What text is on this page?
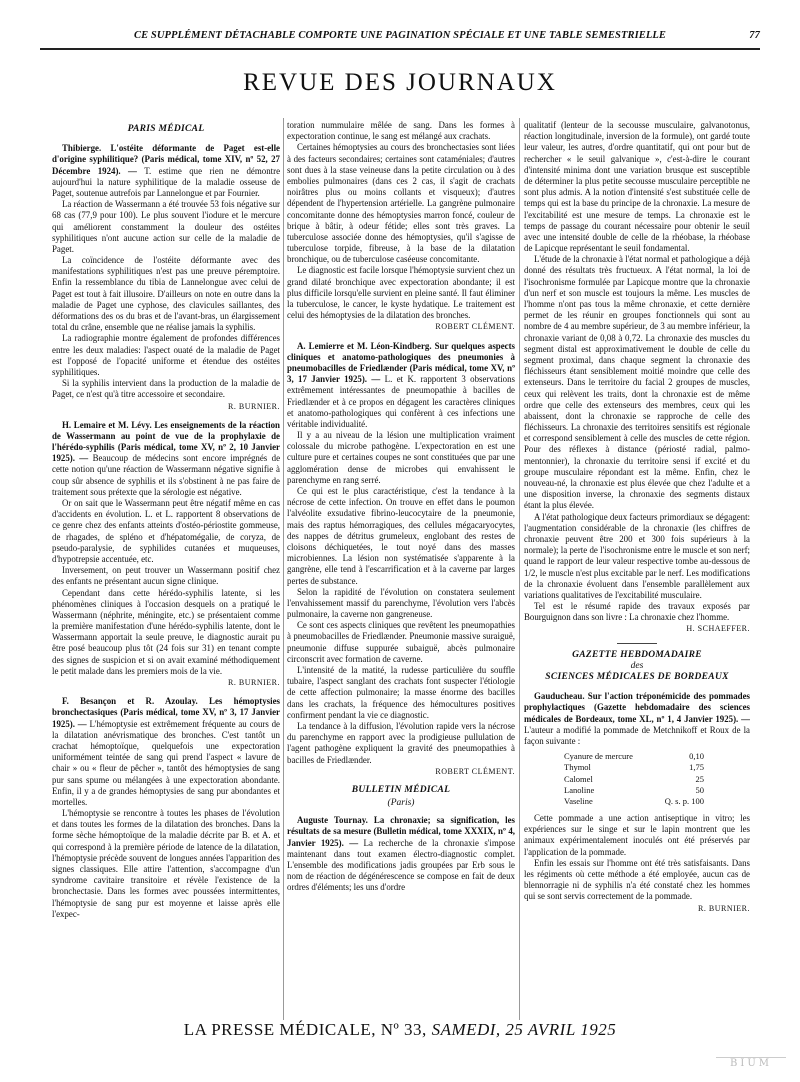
CE SUPPLÉMENT DÉTACHABLE COMPORTE UNE PAGINATION SPÉCIALE ET UNE TABLE SEMESTRIELLE	77
REVUE DES JOURNAUX
PARIS MÉDICAL

Thibierge. L'ostéite déformante de Paget est-elle d'origine syphilitique? (Paris médical, tome XIV, nº 52, 27 Décembre 1924). — T. estime que rien ne démontre aujourd'hui la nature syphilitique de la maladie osseuse de Paget, soutenue autrefois par Lannelongue et par Fournier.

La réaction de Wassermann a été trouvée 53 fois négative sur 68 cas (77,9 pour 100). Le plus souvent l'iodure et le mercure qui améliorent constamment la douleur des ostéites syphilitiques n'ont aucune action sur celle de la maladie de Paget.

La coïncidence de l'ostéite déformante avec des manifestations syphilitiques n'est pas une preuve péremptoire. Enfin la ressemblance du tibia de Lannelongue avec celui de Paget est tout à fait illusoire. D'ailleurs on note en outre dans la maladie de Paget une cyphose, des clavicules saillantes, des déformations des os du bras et de l'avant-bras, un élargissement total du crâne, ensemble que ne réalise jamais la syphilis.

La radiographie montre également de profondes différences entre les deux maladies: l'aspect ouaté de la maladie de Paget est l'opposé de l'opacité uniforme et étendue des ostéites syphilitiques.

Si la syphilis intervient dans la production de la maladie de Paget, ce n'est qu'à titre accessoire et secondaire.

R. BURNIER.

H. Lemaire et M. Lévy. Les enseignements de la réaction de Wassermann au point de vue de la prophylaxie de l'hérédo-syphilis (Paris médical, tome XV, nº 2, 10 Janvier 1925). — Beaucoup de médecins sont encore imprégnés de cette notion qu'une réaction de Wassermann négative signifie à coup sûr absence de syphilis et ils s'obstinent à ne pas faire de traitement sous prétexte que la sérologie est négative.

Or on sait que le Wassermann peut être négatif même en cas d'accidents en évolution. L. et L. rapportent 8 observations de ce genre chez des enfants atteints d'ostéo-périostite gommeuse, de rhagades, de spléno et d'hépatomégalie, de coryza, de pseudo-paralysie, de syphilides cutanées et muqueuses, d'hypotrepsie accentuée, etc.

Inversement, on peut trouver un Wassermann positif chez des enfants ne présentant aucun signe clinique.

Cependant dans cette hérédo-syphilis latente, si les phénomènes cliniques à l'occasion desquels on a pratiqué le Wassermann (néphrite, méningite, etc.) se présentaient comme la première manifestation d'une hérédo-syphilis latente, dont le Wassermann apportait la seule preuve, le diagnostic aurait pu être posé beaucoup plus tôt (24 fois sur 31) en tenant compte des signes de suspicion et si on avait examiné méthodiquement le petit malade dans les premiers mois de la vie.

R. BURNIER.

F. Besançon et R. Azoulay. Les hémoptysies bronchectasiques (Paris médical, tome XV, nº 3, 17 Janvier 1925). — L'hémoptysie est extrêmement fréquente au cours de la dilatation anévrismatique des bronches. C'est tantôt un crachat hémoptoïque, quelquefois une expectoration uniformément teintée de sang qui prend l'aspect « lavure de chair » ou « fleur de pêcher », tantôt des hémoptysies de sang pur sans spume ou mélangées à une expectoration abondante. Enfin, il y a de grandes hémoptysies de sang pur abondantes et mortelles.

L'hémoptysie se rencontre à toutes les phases de l'évolution et dans toutes les formes de la dilatation des bronches. Dans la forme sèche hémoptoïque de la maladie décrite par B. et A. et qui correspond à la première période de latence de la dilatation, l'hémoptysie précède souvent de longues années l'apparition des signes classiques. Elle attire l'attention, s'accompagne d'un syndrome cavitaire transitoire et révèle l'existence de la bronchectasie. Dans les formes avec poussées intermittentes, l'hémoptysie de sang pur est moyenne et laisse après elle l'expec-

toration nummulaire mêlée de sang. Dans les formes à expectoration continue, le sang est mélangé aux crachats.

Certaines hémoptysies au cours des bronchectasies sont liées à des facteurs secondaires; certaines sont cataméniales; d'autres sont dues à la stase veineuse dans la petite circulation ou à des embolies pulmonaires (dans ces 2 cas, il s'agit de crachats noirâtres plus ou moins collants et visqueux); d'autres dépendent de l'hypertension artérielle. La gangrène pulmonaire concomitante donne des hémoptysies marron foncé, couleur de brique à bâtir, à odeur fétide; elles sont très graves. La tuberculose associée donne des hémoptysies, qu'il s'agisse de tuberculose torpide, fibreuse, à la base de la dilatation bronchique, ou de tuberculose caséeuse concomitante.

Le diagnostic est facile lorsque l'hémoptysie survient chez un grand dilaté bronchique avec expectoration abondante; il est plus difficile lorsqu'elle survient en pleine santé. Il faut éliminer la tuberculose, le cancer, le kyste hydatique. Le traitement est celui des hémoptysies de la dilatation des bronches.

ROBERT CLÉMENT.

A. Lemierre et M. Léon-Kindberg. Sur quelques aspects cliniques et anatomo-pathologiques des pneumonies à pneumobacilles de Friedlænder (Paris médical, tome XV, nº 3, 17 Janvier 1925). — L. et K. rapportent 3 observations extrêmement intéressantes de pneumopathie à bacilles de Friedlænder et à ce propos en dégagent les caractères cliniques et anatomo-pathologiques qui confèrent à ces infections une véritable individualité.

Il y a au niveau de la lésion une multiplication vraiment colossale du microbe pathogène. L'expectoration en est une culture pure et certaines coupes ne sont constituées que par une agglomération dense de microbes qui envahissent le parenchyme en rang serré.

Ce qui est le plus caractéristique, c'est la tendance à la nécrose de cette infection. On trouve en effet dans le poumon l'alvéolite exsudative fibrino-leucocytaire de la pneumonie, mais des raptus hémorragiques, des cellules mégacaryocytes, des nappes de détritus grumeleux, englobant des restes de cloisons déchiquetées, le tout noyé dans des masses microbiennes. La lésion non systématisée s'apparente à la gangrène, elle tend à l'escarrification et à la caverne par larges pertes de substance.

Selon la rapidité de l'évolution on constatera seulement l'envahissement massif du parenchyme, l'évolution vers l'abcès pulmonaire, la caverne non gangreneuse.

Ce sont ces aspects cliniques que revêtent les pneumopathies à pneumobacilles de Friedlænder. Pneumonie massive suraiguë, pneumonie diffuse suppurée subaiguë, abcès pulmonaire circonscrit avec formation de caverne.

L'intensité de la matité, la rudesse particulière du souffle tubaire, l'aspect sanglant des crachats font suspecter l'étiologie de cette affection pulmonaire; la masse énorme des bacilles dans les crachats, la fréquence des hémocultures positives confirment pendant la vie ce diagnostic.

La tendance à la diffusion, l'évolution rapide vers la nécrose du parenchyme en rapport avec la prodigieuse pullulation de l'agent pathogène expliquent la gravité des pneumopathies à bacilles de Friedlænder.

ROBERT CLÉMENT.
BULLETIN MÉDICAL
(Paris)

Auguste Tournay. La chronaxie; sa signification, les résultats de sa mesure (Bulletin médical, tome XXXIX, nº 4, Janvier 1925). — La recherche de la chronaxie s'impose maintenant dans tout examen électro-diagnostic complet. L'ensemble des modifications jadis groupées par Erb sous le nom de réaction de dégénérescence se compose en fait de deux ordres d'éléments; les uns d'ordre

qualitatif (lenteur de la secousse musculaire, galvanotonus, réaction longitudinale, inversion de la formule), ont gardé toute leur valeur, les autres, d'ordre quantitatif, qui ont pour but de rechercher « le seuil galvanique », c'est-à-dire le courant d'intensité minima dont une variation brusque est susceptible de déterminer la plus petite secousse musculaire perceptible ne sont plus admis. A la notion d'intensité s'est substituée celle de temps qui est la base du principe de la chronaxie. La mesure de l'excitabilité est une mesure de temps. La chronaxie est le temps de passage du courant nécessaire pour obtenir le seuil avec une intensité double de celle de la rhéobase, la rhéobase de Lapicque représentant le seuil fondamental.

L'étude de la chronaxie à l'état normal et pathologique a déjà donné des résultats très fructueux. A l'état normal, la loi de l'isochronisme formulée par Lapicque montre que la chronaxie d'un nerf et son muscle est toujours la même. Les muscles de l'homme n'ont pas tous la même chronaxie, et cette dernière permet de les réunir en groupes fonctionnels qui sont au nombre de 4 au membre supérieur, de 3 au membre inférieur, la chronaxie variant de 0,08 à 0,72. La chronaxie des muscles du segment distal est approximativement le double de celle du segment proximal, dans chaque segment la chronaxie des fléchisseurs étant sensiblement moitié moindre que celle des extenseurs. Dans le territoire du facial 2 groupes de muscles, ceux qui relèvent les traits, dont la chronaxie est de même ordre que celle des extenseurs des membres, ceux qui les abaissent, dont la chronaxie se rapproche de celle des fléchisseurs. La chronaxie des territoires sensitifs est régionale et correspond sensiblement à celle des muscles de cette région. Pour des réflexes à distance (périosté radial, palmo-mentonnier), la chronaxie du territoire sensi if excité et du groupe musculaire répondant est la même. Enfin, chez le nouveau-né, la chronaxie est plus élevée que chez l'adulte et a une disposition inverse, la chronaxie des segments distaux étant la plus élevée.

A l'état pathologique deux facteurs primordiaux se dégagent: l'augmentation considérable de la chronaxie (les chiffres de chronaxie peuvent être 200 et 300 fois supérieurs à la normale); la perte de l'isochronisme entre le muscle et son nerf; quand le rapport de leur valeur respective tombe au-dessous de 1/2, le muscle n'est plus excitable par le nerf. Les modifications de la chronaxie évoluent dans l'ensemble parallèlement aux variations qualitatives de l'excitabilité musculaire.

Tel est le résumé rapide des travaux exposés par Bourguignon dans son livre : La chronaxie chez l'homme.

H. SCHAEFFER.
GAZETTE HEBDOMADAIRE
des
SCIENCES MÉDICALES DE BORDEAUX

Gauducheau. Sur l'action tréponémicide des pommades prophylactiques (Gazette hebdomadaire des sciences médicales de Bordeaux, tome XL, nº 1, 4 Janvier 1925). — L'auteur a modifié la pommade de Metchnikoff et Roux de la façon suivante :

Cyanure de mercure	0,10
Thymol	1,75
Calomel	25
Lanoline	50
Vaseline	Q. s. p. 100

Cette pommade a une action antiseptique in vitro; les expériences sur le singe et sur le lapin montrent que les animaux expérimentalement inoculés ont été préservés par l'application de la pommade.

Enfin les essais sur l'homme ont été très satisfaisants. Dans les régiments où cette méthode a été employée, aucun cas de blennorragie ni de syphilis n'a été constaté chez les hommes qui se sont servis correctement de la pommade.

R. BURNIER.
LA PRESSE MÉDICALE, Nº 33, SAMEDI, 25 AVRIL 1925
BIUM
